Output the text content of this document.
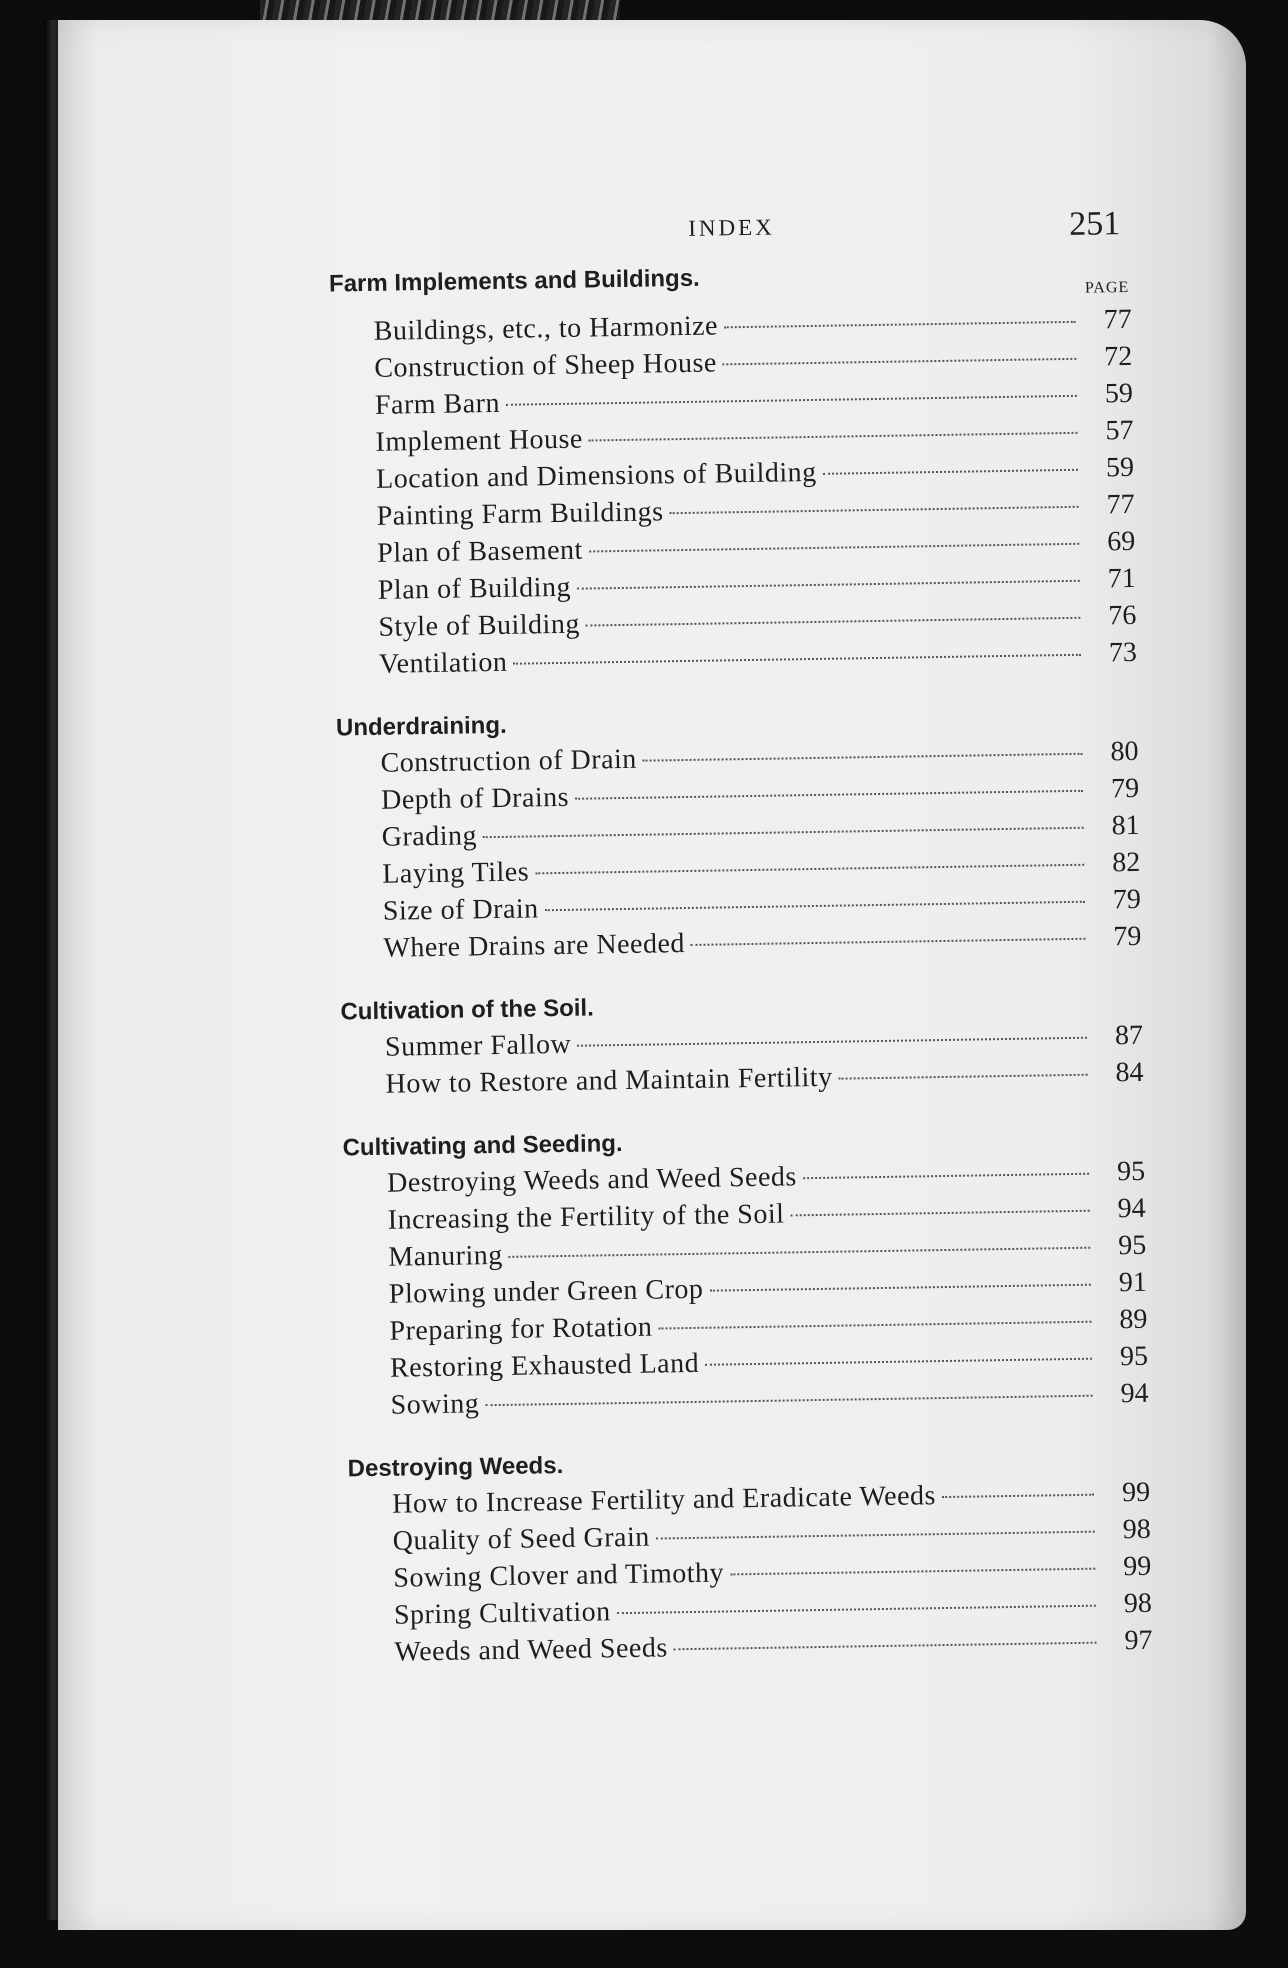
INDEX	251
Farm Implements and Buildings.	PAGE
Buildings, etc., to Harmonize	77
Construction of Sheep House	72
Farm Barn	59
Implement House	57
Location and Dimensions of Building	59
Painting Farm Buildings	77
Plan of Basement	69
Plan of Building	71
Style of Building	76
Ventilation	73
Underdraining.
Construction of Drain	80
Depth of Drains	79
Grading	81
Laying Tiles	82
Size of Drain	79
Where Drains are Needed	79
Cultivation of the Soil.
Summer Fallow	87
How to Restore and Maintain Fertility	84
Cultivating and Seeding.
Destroying Weeds and Weed Seeds	95
Increasing the Fertility of the Soil	94
Manuring	95
Plowing under Green Crop	91
Preparing for Rotation	89
Restoring Exhausted Land	95
Sowing	94
Destroying Weeds.
How to Increase Fertility and Eradicate Weeds	99
Quality of Seed Grain	98
Sowing Clover and Timothy	99
Spring Cultivation	98
Weeds and Weed Seeds	97
